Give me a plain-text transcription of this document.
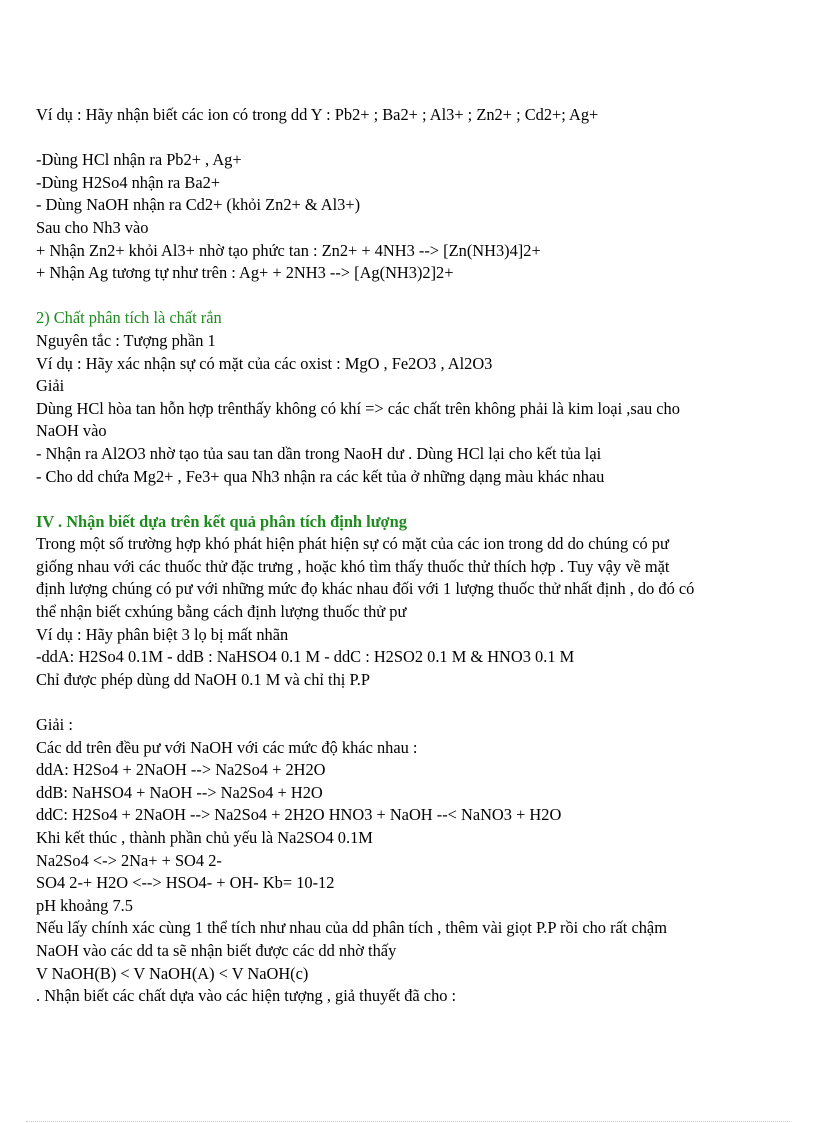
Ví dụ : Hãy nhận biết các ion có trong dd Y : Pb2+ ; Ba2+ ; Al3+ ; Zn2+ ; Cd2+; Ag+

-Dùng HCl nhận ra Pb2+ , Ag+

-Dùng H2So4 nhận ra Ba2+

- Dùng NaOH nhận ra Cd2+ (khỏi Zn2+ & Al3+)

Sau cho Nh3 vào

+ Nhận Zn2+ khỏi Al3+ nhờ tạo phức tan : Zn2+ + 4NH3 --> [Zn(NH3)4]2+

+ Nhận Ag tương tự như trên : Ag+ + 2NH3 --> [Ag(NH3)2]2+

2) Chất phân tích là chất rắn

Nguyên tắc : Tượng phần 1

Ví dụ : Hãy xác nhận sự có mặt của các oxist : MgO , Fe2O3 , Al2O3

Giải

Dùng HCl hòa tan hỗn hợp trênthấy không có khí => các chất trên không phải là kim loại ,sau cho

NaOH vào

- Nhận ra Al2O3 nhờ tạo tủa sau tan dần trong NaoH dư . Dùng HCl lại cho kết tủa lại

- Cho dd chứa Mg2+ , Fe3+ qua Nh3 nhận ra các kết tủa ở những dạng màu khác nhau

IV . Nhận biết dựa trên kết quả phân tích định lượng

Trong một số trường hợp khó phát hiện phát hiện sự có mặt của các ion trong dd do chúng có pư

giống nhau với các thuốc thử đặc trưng , hoặc khó tìm thấy thuốc thử thích hợp . Tuy vậy về mặt

định lượng chúng có pư với những mức đọ khác nhau đối với 1 lượng thuốc thử nhất định , do đó có

thể nhận biết cxhúng bằng cách định lượng thuốc thử pư

Ví dụ : Hãy phân biệt 3 lọ bị mất nhãn

-ddA: H2So4 0.1M - ddB : NaHSO4 0.1 M - ddC : H2SO2 0.1 M & HNO3 0.1 M

Chỉ được phép dùng dd NaOH 0.1 M và chỉ thị P.P

Giải :

Các dd trên đều pư với NaOH với các mức độ khác nhau :

ddA: H2So4 + 2NaOH --> Na2So4 + 2H2O

ddB: NaHSO4 + NaOH --> Na2So4 + H2O

ddC: H2So4 + 2NaOH --> Na2So4 + 2H2O HNO3 + NaOH --< NaNO3 + H2O

Khi kết thúc , thành phần chủ yếu là Na2SO4 0.1M

Na2So4 <-> 2Na+ + SO4 2-

SO4 2-+ H2O <--> HSO4- + OH- Kb= 10-12

pH khoảng 7.5

Nếu lấy chính xác cùng 1 thể tích như nhau của dd phân tích , thêm vài giọt P.P rồi cho rất chậm

NaOH vào các dd ta sẽ nhận biết được các dd nhờ thấy

V NaOH(B) < V NaOH(A) < V NaOH(c)

. Nhận biết các chất dựa vào các hiện tượng , giả thuyết đã cho :
